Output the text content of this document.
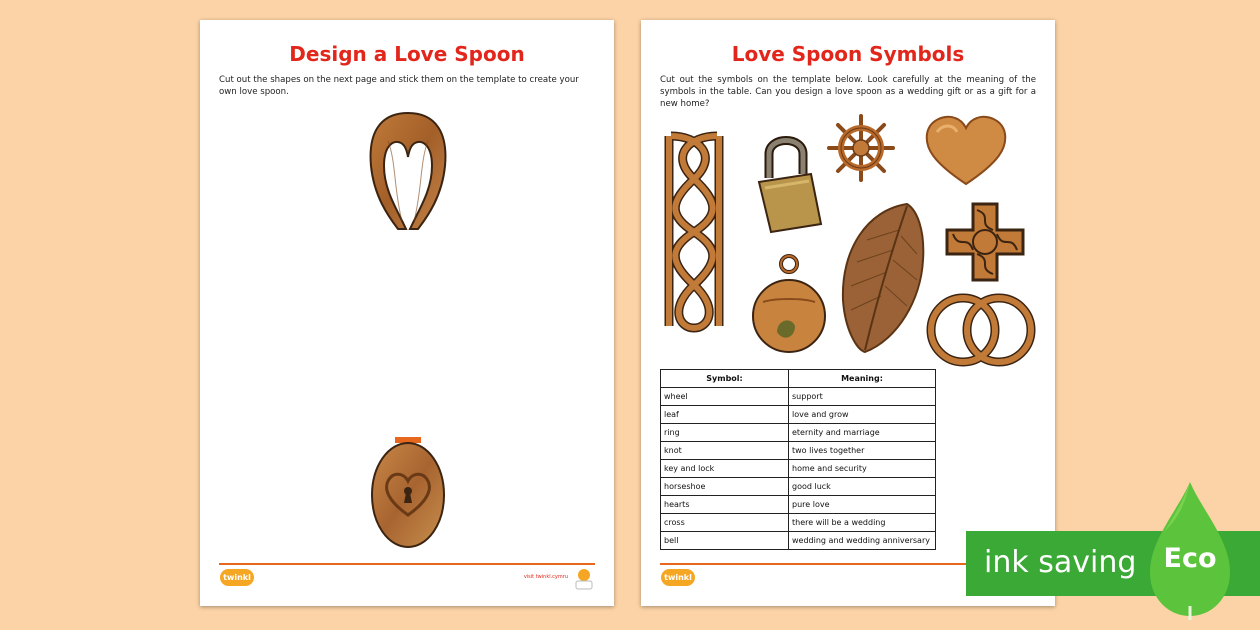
Design a Love Spoon

Cut out the shapes on the next page and stick them on the template to create your own love spoon.

twinkl	visit twinkl.cymru
Love Spoon Symbols

Cut out the symbols on the template below. Look carefully at the meaning of the symbols in the table. Can you design a love spoon as a wedding gift or as a gift for a new home?

Symbol:	Meaning:
wheel	support
leaf	love and grow
ring	eternity and marriage
knot	two lives together
key and lock	home and security
horseshoe	good luck
hearts	pure love
cross	there will be a wedding
bell	wedding and wedding anniversary
twinkl	ink saving Eco
